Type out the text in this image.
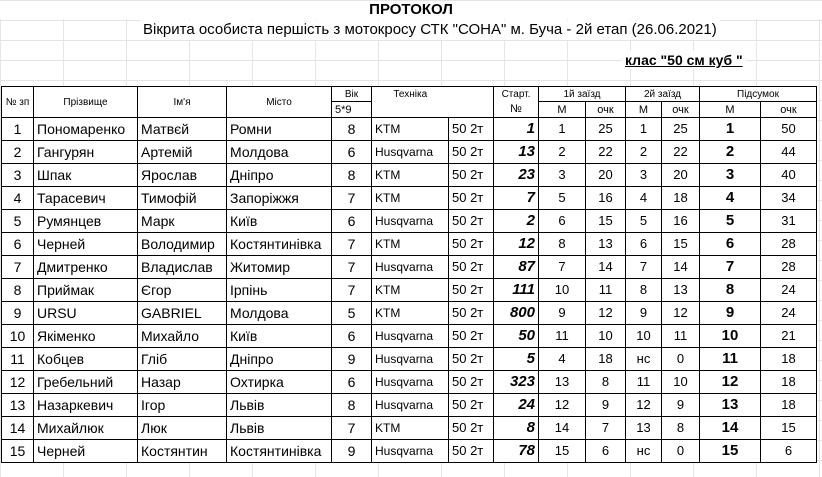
ПРОТОКОЛ
Вікрита особиста першість з мотокросу СТК "СОНА" м. Буча - 2й етап (26.06.2021)
клас "50 см куб "
№ зп	Прізвище	Ім'я	Місто	Вік	Техніка		Старт.	1й заїзд		2й заїзд		Підсумок	
				5*9			№	М	очк	М	очк	М	очк
1	Пономаренко	Матвєй	Ромни	8	KTM	50 2т	1	1	25	1	25	1	50
2	Гангурян	Артемій	Молдова	6	Husqvarna	50 2т	13	2	22	2	22	2	44
3	Шпак	Ярослав	Дніпро	8	KTM	50 2т	23	3	20	3	20	3	40
4	Тарасевич	Тимофій	Запоріжжя	7	KTM	50 2т	7	5	16	4	18	4	34
5	Румянцев	Марк	Київ	6	Husqvarna	50 2т	2	6	15	5	16	5	31
6	Черней	Володимир	Костянтинівка	7	KTM	50 2т	12	8	13	6	15	6	28
7	Дмитренко	Владислав	Житомир	7	Husqvarna	50 2т	87	7	14	7	14	7	28
8	Приймак	Єгор	Ірпінь	7	KTM	50 2т	111	10	11	8	13	8	24
9	URSU	GABRIEL	Молдова	5	KTM	50 2т	800	9	12	9	12	9	24
10	Якіменко	Михайло	Київ	6	Husqvarna	50 2т	50	11	10	10	11	10	21
11	Кобцев	Гліб	Дніпро	9	Husqvarna	50 2т	5	4	18	нс	0	11	18
12	Гребельний	Назар	Охтирка	6	Husqvarna	50 2т	323	13	8	11	10	12	18
13	Назаркевич	Ігор	Львів	8	Husqvarna	50 2т	24	12	9	12	9	13	18
14	Михайлюк	Люк	Львів	7	KTM	50 2т	8	14	7	13	8	14	15
15	Черней	Костянтин	Костянтинівка	9	Husqvarna	50 2т	78	15	6	нс	0	15	6
